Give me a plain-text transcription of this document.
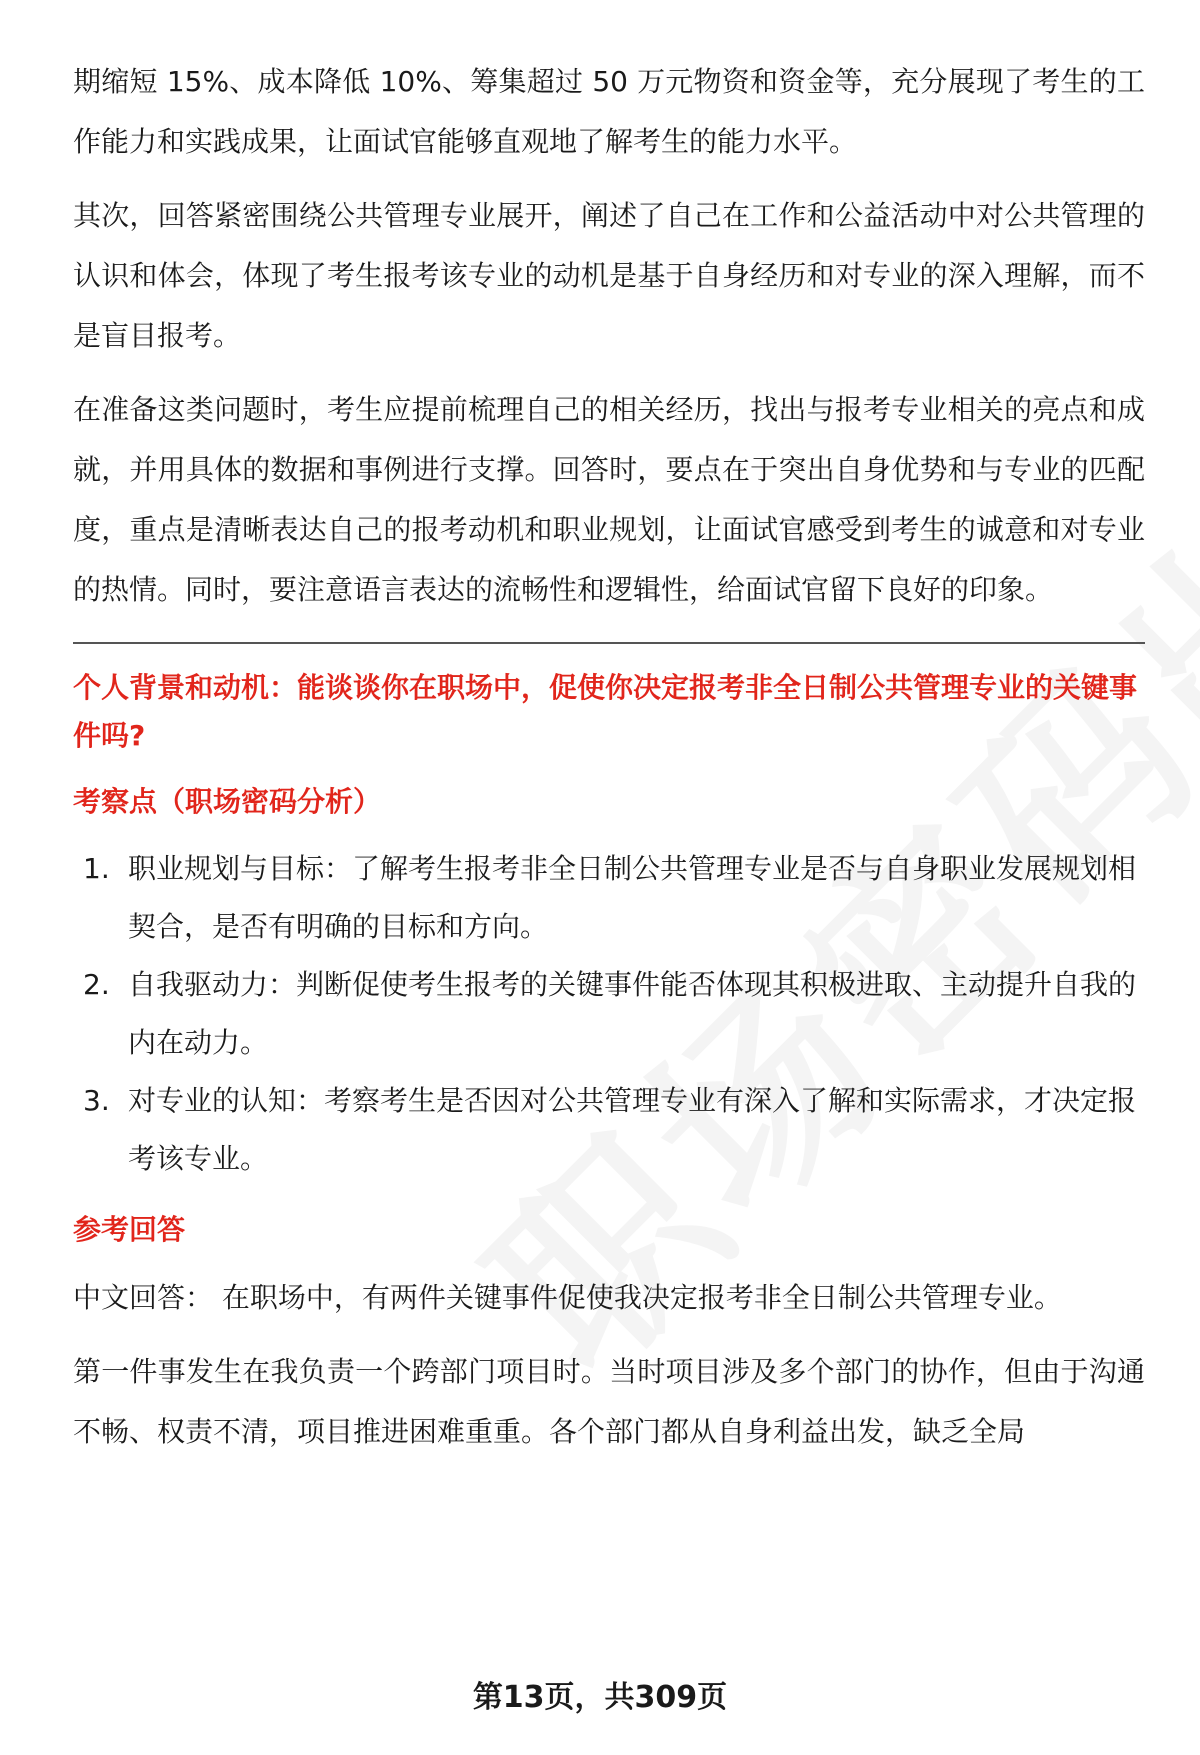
期缩短 15%、成本降低 10%、筹集超过 50 万元物资和资金等，充分展现了考生的工作能力和实践成果，让面试官能够直观地了解考生的能力水平。

其次，回答紧密围绕公共管理专业展开，阐述了自己在工作和公益活动中对公共管理的认识和体会，体现了考生报考该专业的动机是基于自身经历和对专业的深入理解，而不是盲目报考。

在准备这类问题时，考生应提前梳理自己的相关经历，找出与报考专业相关的亮点和成就，并用具体的数据和事例进行支撑。回答时，要点在于突出自身优势和与专业的匹配度，重点是清晰表达自己的报考动机和职业规划，让面试官感受到考生的诚意和对专业的热情。同时，要注意语言表达的流畅性和逻辑性，给面试官留下良好的印象。

个人背景和动机：能谈谈你在职场中，促使你决定报考非全日制公共管理专业的关键事件吗?
考察点（职场密码分析）
1. 职业规划与目标：了解考生报考非全日制公共管理专业是否与自身职业发展规划相契合，是否有明确的目标和方向。
2. 自我驱动力：判断促使考生报考的关键事件能否体现其积极进取、主动提升自我的内在动力。
3. 对专业的认知：考察考生是否因对公共管理专业有深入了解和实际需求，才决定报考该专业。
参考回答

中文回答： 在职场中，有两件关键事件促使我决定报考非全日制公共管理专业。

第一件事发生在我负责一个跨部门项目时。当时项目涉及多个部门的协作，但由于沟通不畅、权责不清，项目推进困难重重。各个部门都从自身利益出发，缺乏全局

第13页，共309页
